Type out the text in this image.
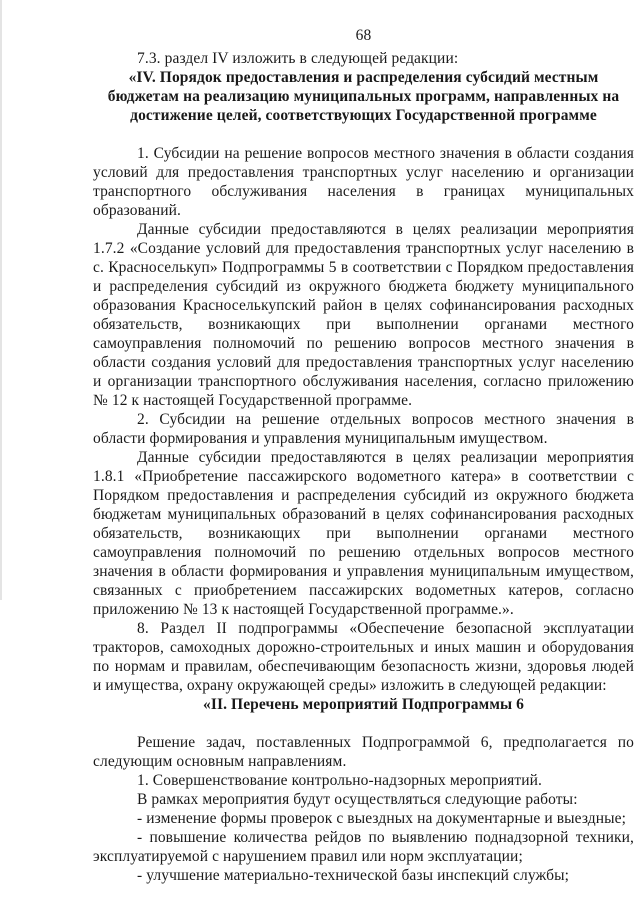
68

7.3. раздел IV изложить в следующей редакции:

«IV. Порядок предоставления и распределения субсидий местным бюджетам на реализацию муниципальных программ, направленных на достижение целей, соответствующих Государственной программе

1. Субсидии на решение вопросов местного значения в области создания условий для предоставления транспортных услуг населению и организации транспортного обслуживания населения в границах муниципальных образований.

Данные субсидии предоставляются в целях реализации мероприятия 1.7.2 «Создание условий для предоставления транспортных услуг населению в с. Красноселькуп» Подпрограммы 5 в соответствии с Порядком предоставления и распределения субсидий из окружного бюджета бюджету муниципального образования Красноселькупский район в целях софинансирования расходных обязательств, возникающих при выполнении органами местного самоуправления полномочий по решению вопросов местного значения в области создания условий для предоставления транспортных услуг населению и организации транспортного обслуживания населения, согласно приложению № 12 к настоящей Государственной программе.

2. Субсидии на решение отдельных вопросов местного значения в области формирования и управления муниципальным имуществом.

Данные субсидии предоставляются в целях реализации мероприятия 1.8.1 «Приобретение пассажирского водометного катера» в соответствии с Порядком предоставления и распределения субсидий из окружного бюджета бюджетам муниципальных образований в целях софинансирования расходных обязательств, возникающих при выполнении органами местного самоуправления полномочий по решению отдельных вопросов местного значения в области формирования и управления муниципальным имуществом, связанных с приобретением пассажирских водометных катеров, согласно приложению № 13 к настоящей Государственной программе.».

8. Раздел II подпрограммы «Обеспечение безопасной эксплуатации тракторов, самоходных дорожно-строительных и иных машин и оборудования по нормам и правилам, обеспечивающим безопасность жизни, здоровья людей и имущества, охрану окружающей среды» изложить в следующей редакции:

«II. Перечень мероприятий Подпрограммы 6

Решение задач, поставленных Подпрограммой 6, предполагается по следующим основным направлениям.

1. Совершенствование контрольно-надзорных мероприятий.

В рамках мероприятия будут осуществляться следующие работы:

- изменение формы проверок с выездных на документарные и выездные;

- повышение количества рейдов по выявлению поднадзорной техники, эксплуатируемой с нарушением правил или норм эксплуатации;

- улучшение материально-технической базы инспекций службы;
